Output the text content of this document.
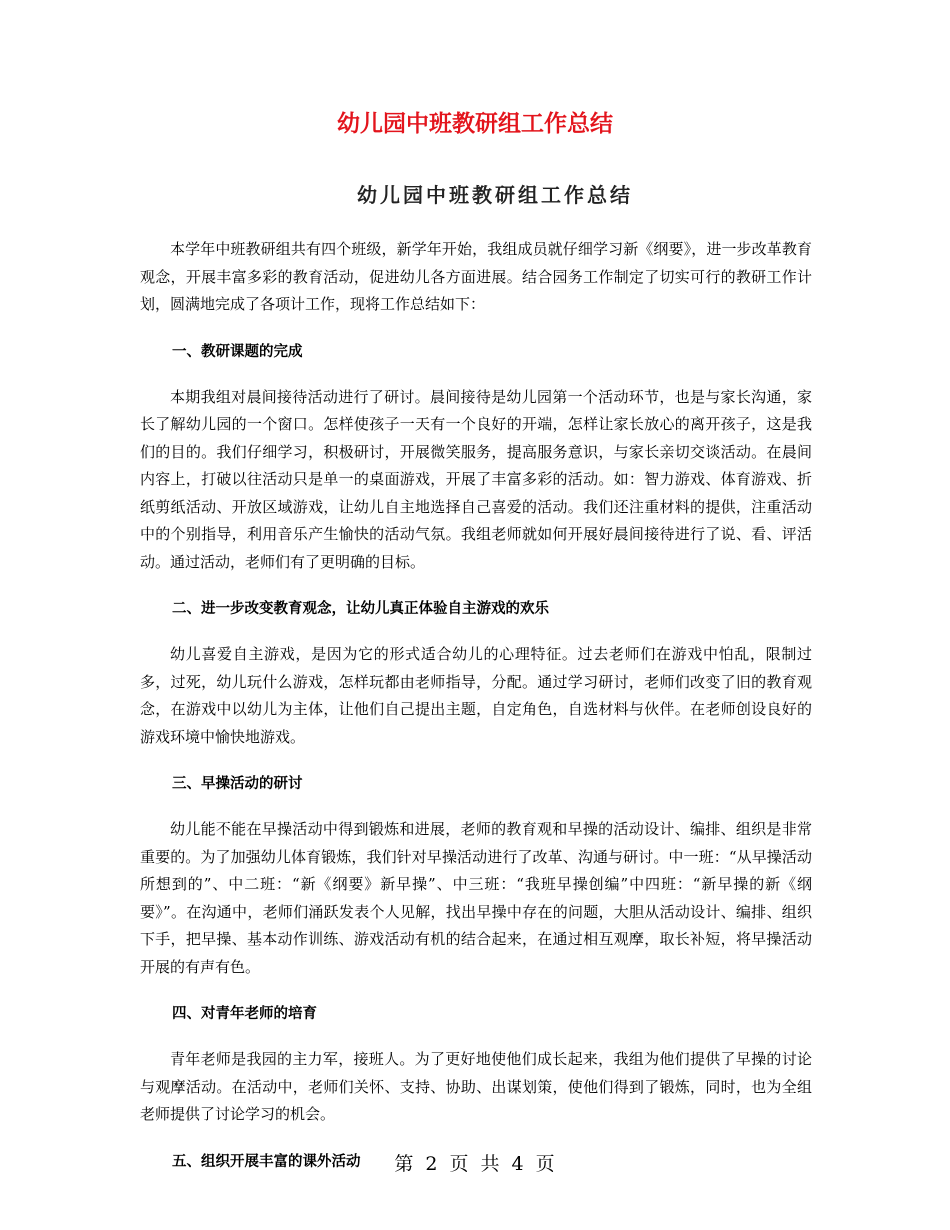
幼儿园中班教研组工作总结
幼儿园中班教研组工作总结

本学年中班教研组共有四个班级，新学年开始，我组成员就仔细学习新《纲要》，进一步改革教育观念，开展丰富多彩的教育活动，促进幼儿各方面进展。结合园务工作制定了切实可行的教研工作计划，圆满地完成了各项计工作，现将工作总结如下：

一、教研课题的完成

本期我组对晨间接待活动进行了研讨。晨间接待是幼儿园第一个活动环节，也是与家长沟通，家长了解幼儿园的一个窗口。怎样使孩子一天有一个良好的开端，怎样让家长放心的离开孩子，这是我们的目的。我们仔细学习，积极研讨，开展微笑服务，提高服务意识，与家长亲切交谈活动。在晨间内容上，打破以往活动只是单一的桌面游戏，开展了丰富多彩的活动。如：智力游戏、体育游戏、折纸剪纸活动、开放区域游戏，让幼儿自主地选择自己喜爱的活动。我们还注重材料的提供，注重活动中的个别指导，利用音乐产生愉快的活动气氛。我组老师就如何开展好晨间接待进行了说、看、评活动。通过活动，老师们有了更明确的目标。

二、进一步改变教育观念，让幼儿真正体验自主游戏的欢乐

幼儿喜爱自主游戏，是因为它的形式适合幼儿的心理特征。过去老师们在游戏中怕乱，限制过多，过死，幼儿玩什么游戏，怎样玩都由老师指导，分配。通过学习研讨，老师们改变了旧的教育观念，在游戏中以幼儿为主体，让他们自己提出主题，自定角色，自选材料与伙伴。在老师创设良好的游戏环境中愉快地游戏。

三、早操活动的研讨

幼儿能不能在早操活动中得到锻炼和进展，老师的教育观和早操的活动设计、编排、组织是非常重要的。为了加强幼儿体育锻炼，我们针对早操活动进行了改革、沟通与研讨。中一班：“从早操活动所想到的”、中二班：“新《纲要》新早操”、中三班：“我班早操创编”中四班：“新早操的新《纲要》”。在沟通中，老师们涌跃发表个人见解，找出早操中存在的问题，大胆从活动设计、编排、组织下手，把早操、基本动作训练、游戏活动有机的结合起来，在通过相互观摩，取长补短，将早操活动开展的有声有色。

四、对青年老师的培育

青年老师是我园的主力军，接班人。为了更好地使他们成长起来，我组为他们提供了早操的讨论与观摩活动。在活动中，老师们关怀、支持、协助、出谋划策，使他们得到了锻炼，同时，也为全组老师提供了讨论学习的机会。

五、组织开展丰富的课外活动	第 2 页 共 4 页
